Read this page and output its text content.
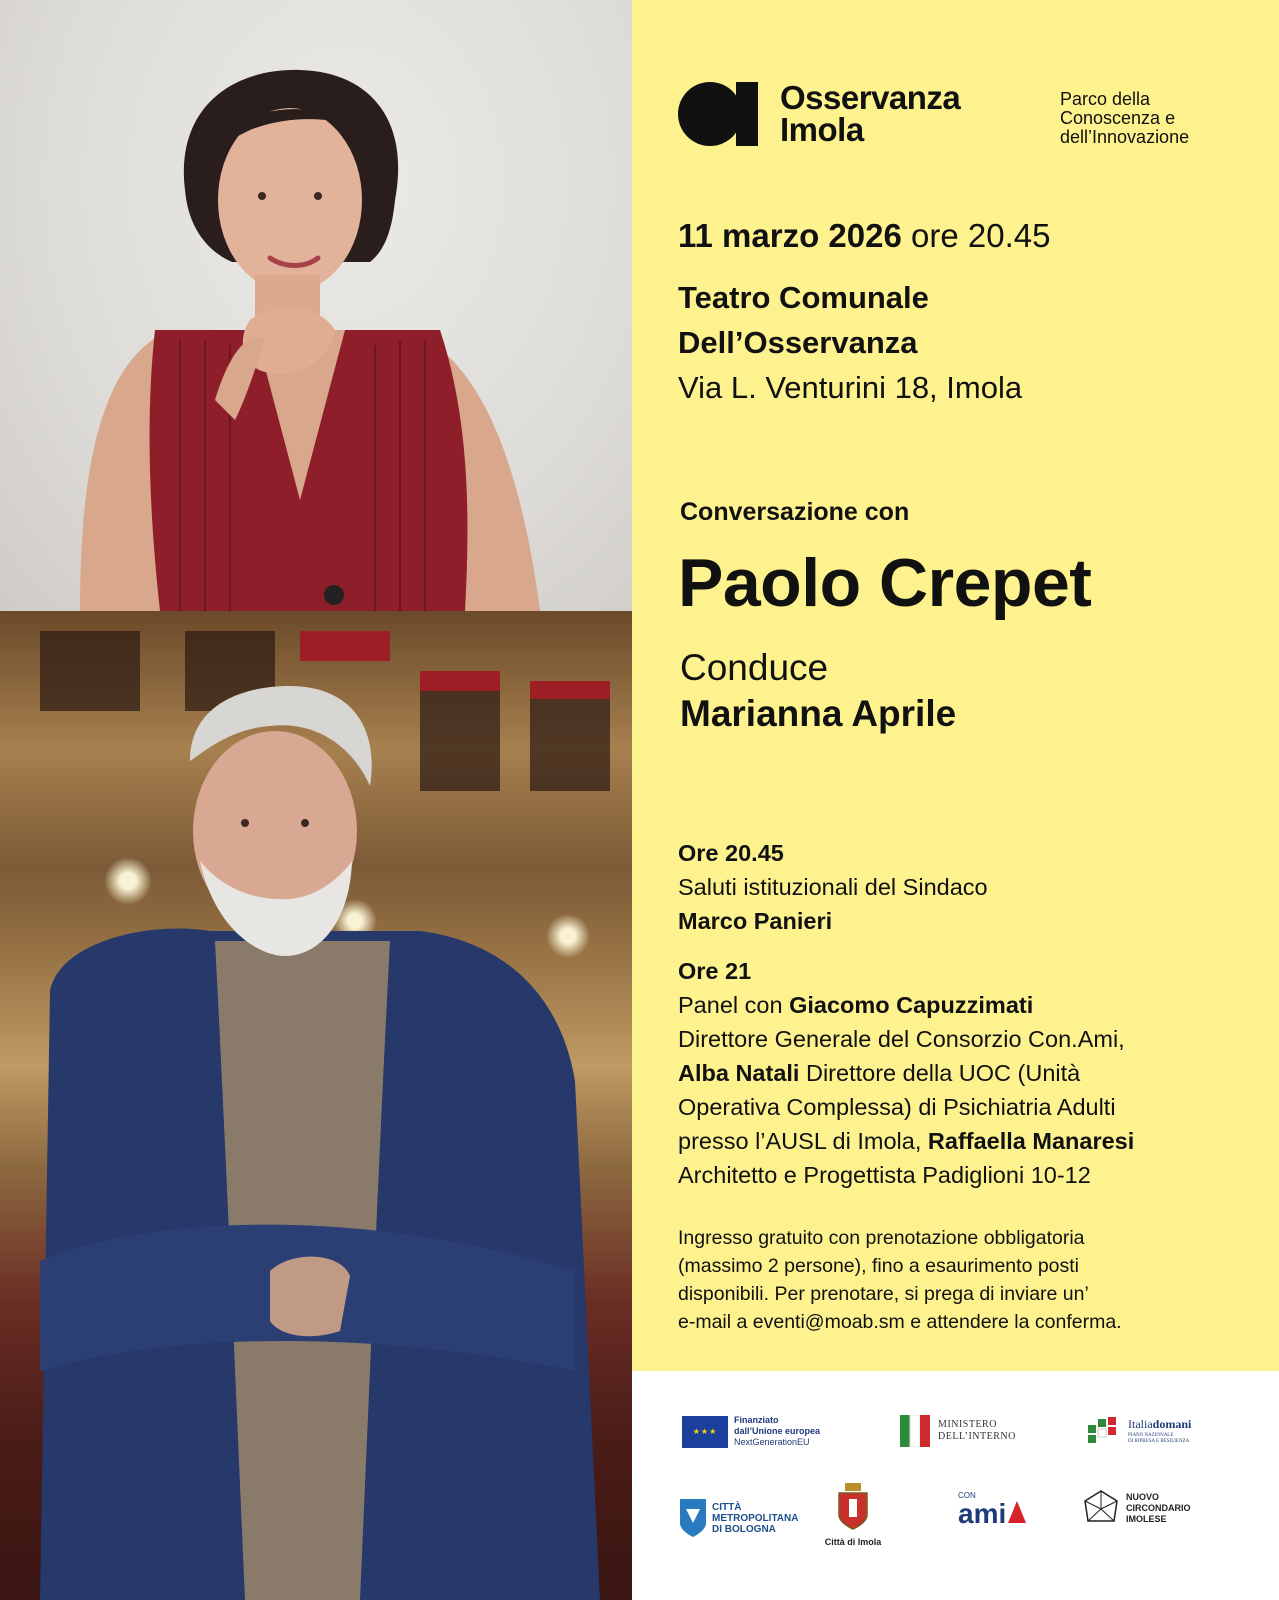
Osservanza
Imola
Parco della
Conoscenza e
dell’Innovazione
11 marzo 2026 ore 20.45
Teatro Comunale
Dell’Osservanza
Via L. Venturini 18, Imola
Conversazione con
Paolo Crepet
Conduce
Marianna Aprile
Ore 20.45
Saluti istituzionali del Sindaco
Marco Panieri
Ore 21
Panel con Giacomo Capuzzimati
Direttore Generale del Consorzio Con.Ami,
Alba Natali Direttore della UOC (Unità
Operativa Complessa) di Psichiatria Adulti
presso l’AUSL di Imola, Raffaella Manaresi
Architetto e Progettista Padiglioni 10-12
Ingresso gratuito con prenotazione obbligatoria
(massimo 2 persone), fino a esaurimento posti
disponibili. Per prenotare, si prega di inviare un’
e-mail a eventi@moab.sm e attendere la conferma.
★★★
Finanziato
dall’Unione europea
NextGenerationEU
MINISTERO
DELL’INTERNO
Italiadomani
PIANO NAZIONALE
DI RIPRESA E RESILIENZA
CITTÀ
METROPOLITANA
DI BOLOGNA
Città di Imola
CON
ami
NUOVO
CIRCONDARIO
IMOLESE
